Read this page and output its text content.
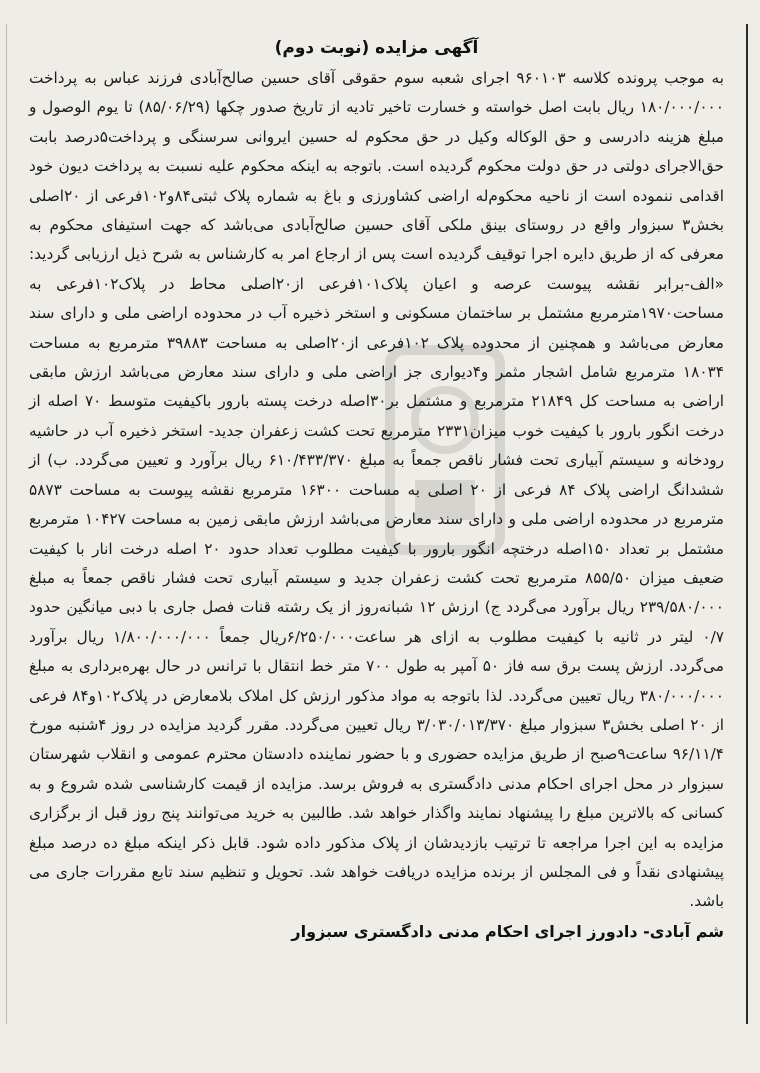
آگهی مزایده (نوبت دوم)

به موجب پرونده کلاسه ۹۶۰۱۰۳ اجرای شعبه سوم حقوقی آقای حسین صالح‌آبادی فرزند عباس به پرداخت ۱۸۰/۰۰۰/۰۰۰ ریال بابت اصل خواسته و خسارت تاخیر تادیه از تاریخ صدور چکها (۸۵/۰۶/۲۹) تا یوم الوصول و مبلغ هزینه دادرسی و حق الوکاله وکیل در حق محکوم له حسین ایروانی سرسنگی و پرداخت۵درصد بابت حق‌الاجرای دولتی در حق دولت محکوم گردیده است. باتوجه به اینکه محکوم علیه نسبت به پرداخت دیون خود اقدامی ننموده است از ناحیه محکوم‌له اراضی کشاورزی و باغ به شماره پلاک ثبتی۸۴و۱۰۲فرعی از ۲۰اصلی بخش۳ سبزوار واقع در روستای بینق ملکی آقای حسین صالح‌آبادی می‌باشد که جهت استیفای محکوم به معرفی که از طریق دایره اجرا توقیف گردیده است پس از ارجاع امر به کارشناس به شرح ذیل ارزیابی گردید: «الف-برابر نقشه پیوست عرصه و اعیان پلاک۱۰۱فرعی از۲۰اصلی محاط در پلاک۱۰۲فرعی به مساحت۱۹۷۰مترمربع مشتمل بر ساختمان مسکونی و استخر ذخیره آب در محدوده اراضی ملی و دارای سند معارض می‌باشد و همچنین از محدوده پلاک ۱۰۲فرعی از۲۰اصلی به مساحت ۳۹۸۸۳ مترمربع به مساحت ۱۸۰۳۴ مترمربع شامل اشجار مثمر و۴دیواری جز اراضی ملی و دارای سند معارض می‌باشد ارزش مابقی اراضی به مساحت کل ۲۱۸۴۹ مترمربع و مشتمل بر۳۰اصله درخت پسته بارور باکیفیت متوسط ۷۰ اصله از درخت انگور بارور با کیفیت خوب میزان۲۳۳۱ مترمربع تحت کشت زعفران جدید- استخر ذخیره آب در حاشیه رودخانه و سیستم آبیاری تحت فشار ناقص جمعاً به مبلغ ۶۱۰/۴۳۳/۳۷۰ ریال برآورد و تعیین می‌گردد. ب) از ششدانگ اراضی پلاک ۸۴ فرعی از ۲۰ اصلی به مساحت ۱۶۳۰۰ مترمربع نقشه پیوست به مساحت ۵۸۷۳ مترمربع در محدوده اراضی ملی و دارای سند معارض می‌باشد ارزش مابقی زمین به مساحت ۱۰۴۲۷ مترمربع مشتمل بر تعداد ۱۵۰اصله درختچه انگور بارور با کیفیت مطلوب تعداد حدود ۲۰ اصله درخت انار با کیفیت ضعیف میزان ۸۵۵/۵۰ مترمربع تحت کشت زعفران جدید و سیستم آبیاری تحت فشار ناقص جمعاً به مبلغ ۲۳۹/۵۸۰/۰۰۰ ریال برآورد می‌گردد ج) ارزش ۱۲ شبانه‌روز از یک رشته قنات فصل جاری با دبی میانگین حدود ۰/۷ لیتر در ثانیه با کیفیت مطلوب به ازای هر ساعت۶/۲۵۰/۰۰۰ریال جمعاً ۱/۸۰۰/۰۰۰/۰۰۰ ریال برآورد می‌گردد. ارزش پست برق سه فاز ۵۰ آمپر به طول ۷۰۰ متر خط انتقال با ترانس در حال بهره‌برداری به مبلغ ۳۸۰/۰۰۰/۰۰۰ ریال تعیین می‌گردد. لذا باتوجه به مواد مذکور ارزش کل املاک بلامعارض در پلاک۱۰۲و۸۴ فرعی از ۲۰ اصلی بخش۳ سبزوار مبلغ ۳/۰۳۰/۰۱۳/۳۷۰ ریال تعیین می‌گردد. مقرر گردید مزایده در روز ۴شنبه مورخ ۹۶/۱۱/۴ ساعت۹صبح از طریق مزایده حضوری و با حضور نماینده دادستان محترم عمومی و انقلاب شهرستان سبزوار در محل اجرای احکام مدنی دادگستری به فروش برسد. مزایده از قیمت کارشناسی شده شروع و به کسانی که بالاترین مبلغ را پیشنهاد نمایند واگذار خواهد شد. طالبین به خرید می‌توانند پنج روز قبل از برگزاری مزایده به این اجرا مراجعه تا ترتیب بازدیدشان از پلاک مذکور داده شود. قابل ذکر اینکه مبلغ ده درصد مبلغ پیشنهادی نقداً و فی المجلس از برنده مزایده دریافت خواهد شد. تحویل و تنظیم سند تابع مقررات جاری می باشد.

شم آبادی- دادورز اجرای احکام مدنی دادگستری سبزوار
